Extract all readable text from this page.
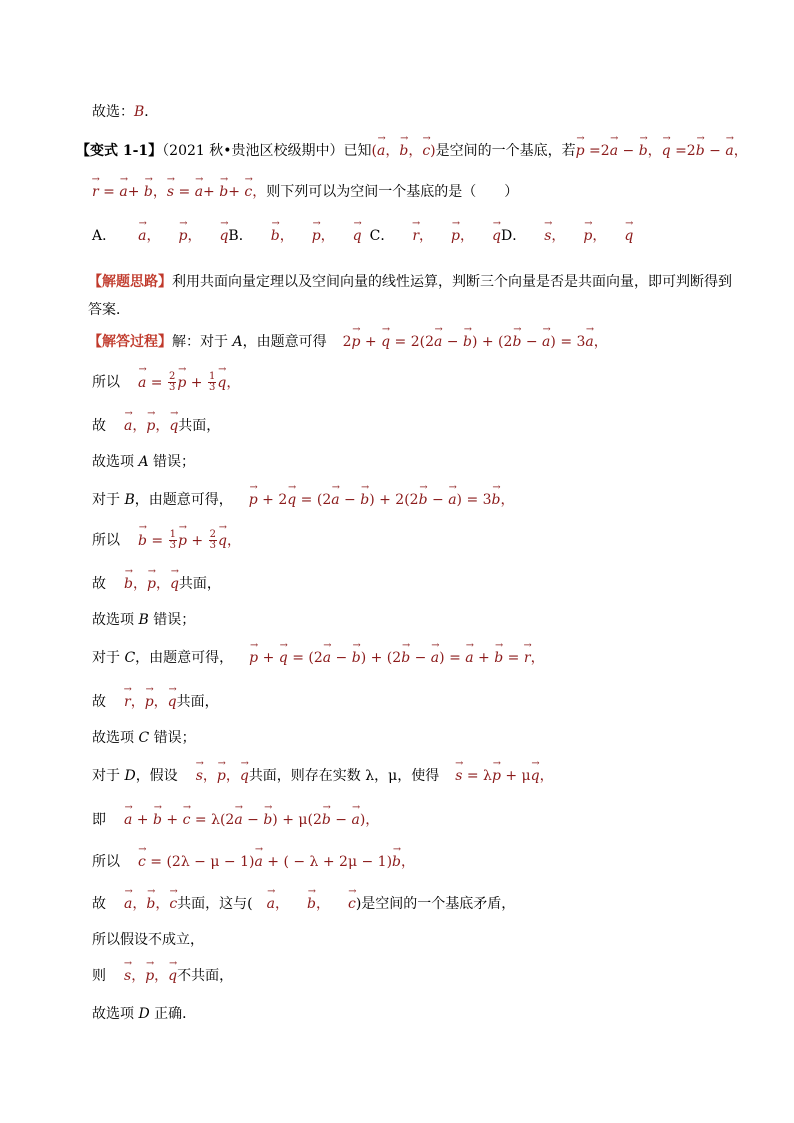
故选：B．
【变式 1-1】（2021 秋•贵池区校级期中）已知(→ a，→ b，→ c)是空间的一个基底，若→ p =2→ a − → b，→ q =2→ b − → a，
→ r = → a+ → b，→ s = → a+ → b+ → c，则下列可以为空间一个基底的是（　　）
A．→ a，→ p，→ qB．→ b，→ p，→ q C．→ r，→ p，→ qD．→ s，→ p，→ q
【解题思路】利用共面向量定理以及空间向量的线性运算，判断三个向量是否是共面向量，即可判断得到答案．
【解答过程】解：对于 A，由题意可得 2→ p + → q = 2(2→ a − → b) + (2→ b − → a) = 3→ a，
所以→ $a = \frac{2}{3}$
→ $p + \frac{1}{3}$
→ q，
故→ a，→ p，→ q共面，
故选项 A 错误；
对于 B，由题意可得，→ p + 2→ q = (2→ a − → b) + 2(2→ b − → a) = 3→ b，
所以→ $b = \frac{1}{3}$
→ $p + \frac{2}{3}$
→ q，
故→ b，→ p，→ q共面，
故选项 B 错误；
对于 C，由题意可得，→ p + → q = (2→ a − → b) + (2→ b − → a) = → a + → b = → r，
故→ r，→ p，→ q共面，
故选项 C 错误；
对于 D，假设→ s，→ p，→ q共面，则存在实数 λ，μ，使得→ s = λ→ p + μ→ q，
即→ a + → b + → c = λ(2→ a − → b) + μ(2→ b − → a)，
所以→ c = (2λ − μ − 1)→ a + ( − λ + 2μ − 1)→ b，
故→ a，→ b，→ c共面，这与(→ a，→ b，→ c)是空间的一个基底矛盾，
所以假设不成立，
则→ s，→ p，→ q不共面，
故选项 D 正确．
